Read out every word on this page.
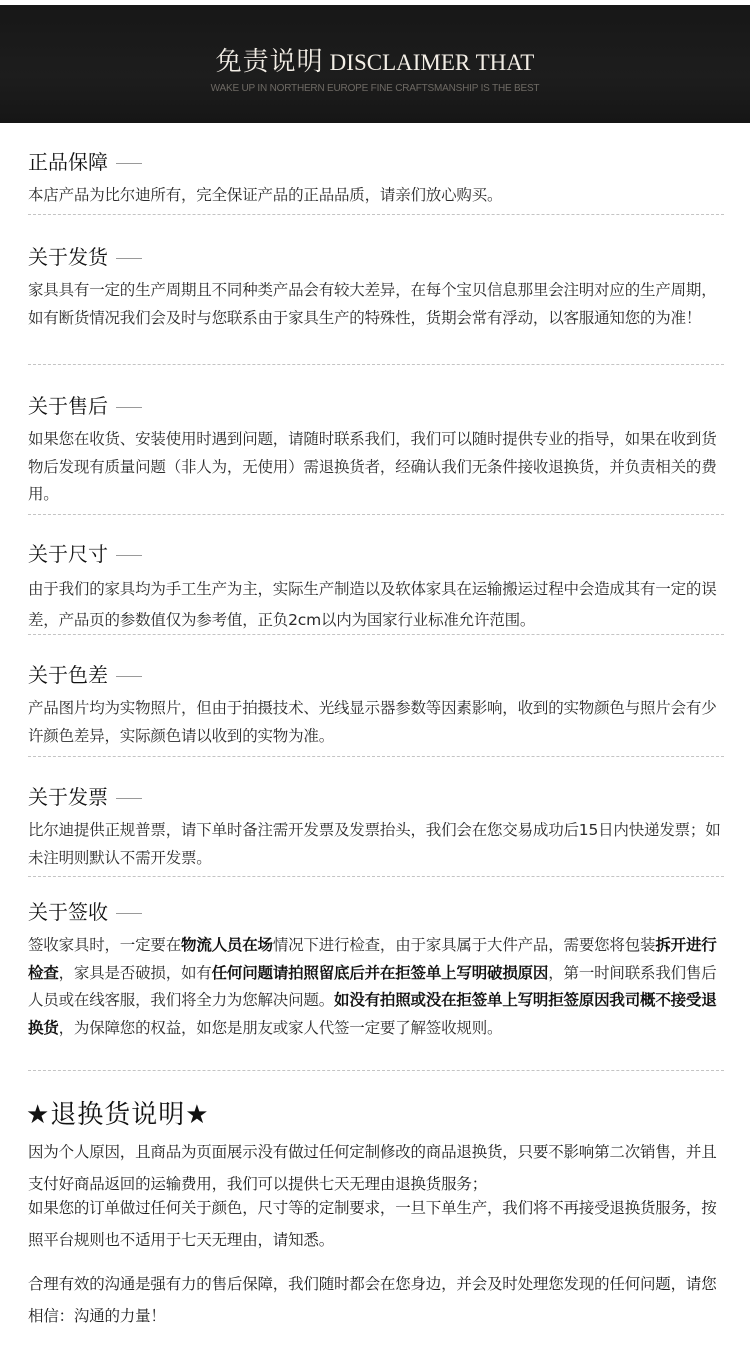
免责说明 DISCLAIMER THAT
WAKE UP IN NORTHERN EUROPE FINE CRAFTSMANSHIP IS THE BEST
正品保障
本店产品为比尔迪所有，完全保证产品的正品品质，请亲们放心购买。
关于发货
家具具有一定的生产周期且不同种类产品会有较大差异，在每个宝贝信息那里会注明对应的生产周期，如有断货情况我们会及时与您联系由于家具生产的特殊性，货期会常有浮动，以客服通知您的为准！
关于售后
如果您在收货、安装使用时遇到问题，请随时联系我们，我们可以随时提供专业的指导，如果在收到货物后发现有质量问题（非人为，无使用）需退换货者，经确认我们无条件接收退换货，并负责相关的费用。
关于尺寸
由于我们的家具均为手工生产为主，实际生产制造以及软体家具在运输搬运过程中会造成其有一定的误差，产品页的参数值仅为参考值，正负2cm以内为国家行业标准允许范围。
关于色差
产品图片均为实物照片，但由于拍摄技术、光线显示器参数等因素影响，收到的实物颜色与照片会有少许颜色差异，实际颜色请以收到的实物为准。
关于发票
比尔迪提供正规普票，请下单时备注需开发票及发票抬头，我们会在您交易成功后15日内快递发票；如未注明则默认不需开发票。
关于签收
签收家具时，一定要在物流人员在场情况下进行检查，由于家具属于大件产品，需要您将包装拆开进行检查，家具是否破损，如有任何问题请拍照留底后并在拒签单上写明破损原因，第一时间联系我们售后人员或在线客服，我们将全力为您解决问题。如没有拍照或没在拒签单上写明拒签原因我司概不接受退换货，为保障您的权益，如您是朋友或家人代签一定要了解签收规则。
★退换货说明★
因为个人原因，且商品为页面展示没有做过任何定制修改的商品退换货，只要不影响第二次销售，并且支付好商品返回的运输费用，我们可以提供七天无理由退换货服务；
如果您的订单做过任何关于颜色，尺寸等的定制要求，一旦下单生产，我们将不再接受退换货服务，按照平台规则也不适用于七天无理由，请知悉。
合理有效的沟通是强有力的售后保障，我们随时都会在您身边，并会及时处理您发现的任何问题，请您相信：沟通的力量！
